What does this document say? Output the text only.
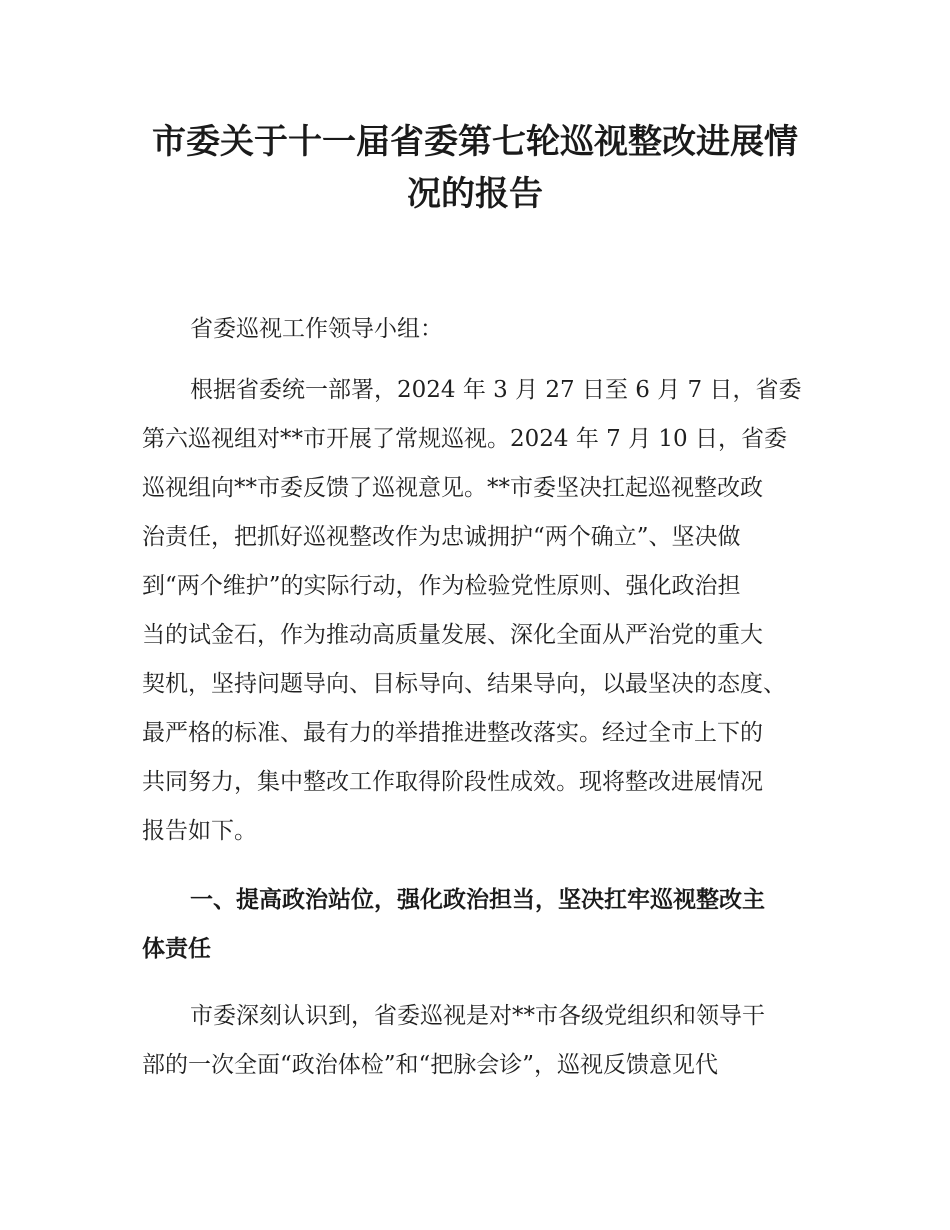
市委关于十一届省委第七轮巡视整改进展情
况的报告
省委巡视工作领导小组：
根据省委统一部署，2024 年 3 月 27 日至 6 月 7 日，省委
第六巡视组对**市开展了常规巡视。2024 年 7 月 10 日，省委
巡视组向**市委反馈了巡视意见。**市委坚决扛起巡视整改政
治责任，把抓好巡视整改作为忠诚拥护“两个确立”、坚决做
到“两个维护”的实际行动，作为检验党性原则、强化政治担
当的试金石，作为推动高质量发展、深化全面从严治党的重大
契机，坚持问题导向、目标导向、结果导向，以最坚决的态度、
最严格的标准、最有力的举措推进整改落实。经过全市上下的
共同努力，集中整改工作取得阶段性成效。现将整改进展情况
报告如下。
一、提高政治站位，强化政治担当，坚决扛牢巡视整改主
体责任
市委深刻认识到，省委巡视是对**市各级党组织和领导干
部的一次全面“政治体检”和“把脉会诊”，巡视反馈意见代
